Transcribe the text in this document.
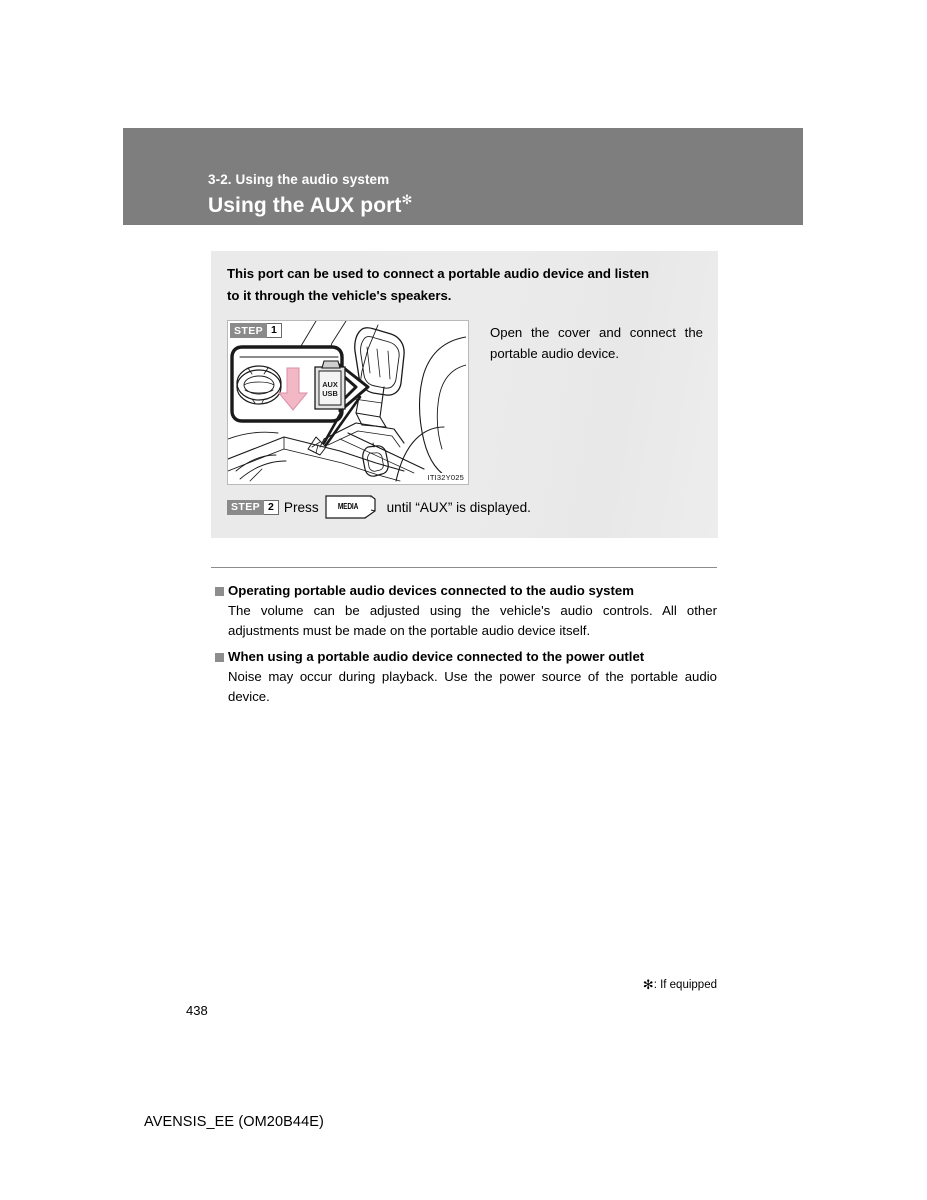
3-2. Using the audio system
Using the AUX port✻
This port can be used to connect a portable audio device and listen
to it through the vehicle's speakers.
AUX
USB
STEP 1
ITI32Y025
Open the cover and connect the portable audio device.
STEP 2 Press	MEDIA	until “AUX” is displayed.
Operating portable audio devices connected to the audio system
The volume can be adjusted using the vehicle's audio controls. All other adjustments must be made on the portable audio device itself.
When using a portable audio device connected to the power outlet
Noise may occur during playback. Use the power source of the portable audio device.
✻: If equipped
438
AVENSIS_EE (OM20B44E)
